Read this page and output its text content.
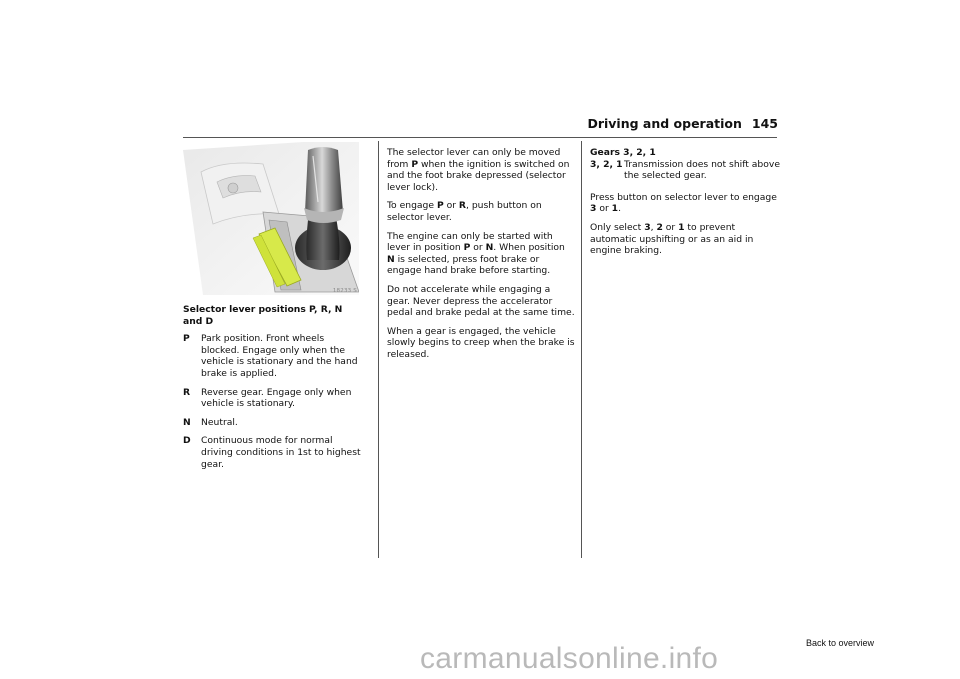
Driving and operation 145
18233 S
Selector lever positions P, R, N and D
P	Park position. Front wheels blocked. Engage only when the vehicle is stationary and the hand brake is applied.
R	Reverse gear. Engage only when vehicle is stationary.
N	Neutral.
D	Continuous mode for normal driving conditions in 1st to highest gear.

The selector lever can only be moved from P when the ignition is switched on and the foot brake depressed (selector lever lock).

To engage P or R, push button on selector lever.

The engine can only be started with lever in position P or N. When position N is selected, press foot brake or engage hand brake before starting.

Do not accelerate while engaging a gear. Never depress the accelerator pedal and brake pedal at the same time.

When a gear is engaged, the vehicle slowly begins to creep when the brake is released.

Gears 3, 2, 1
3, 2, 1 Transmission does not shift above the selected gear.

Press button on selector lever to engage 3 or 1.

Only select 3, 2 or 1 to prevent automatic upshifting or as an aid in engine braking.

Back to overview
carmanualsonline.info
